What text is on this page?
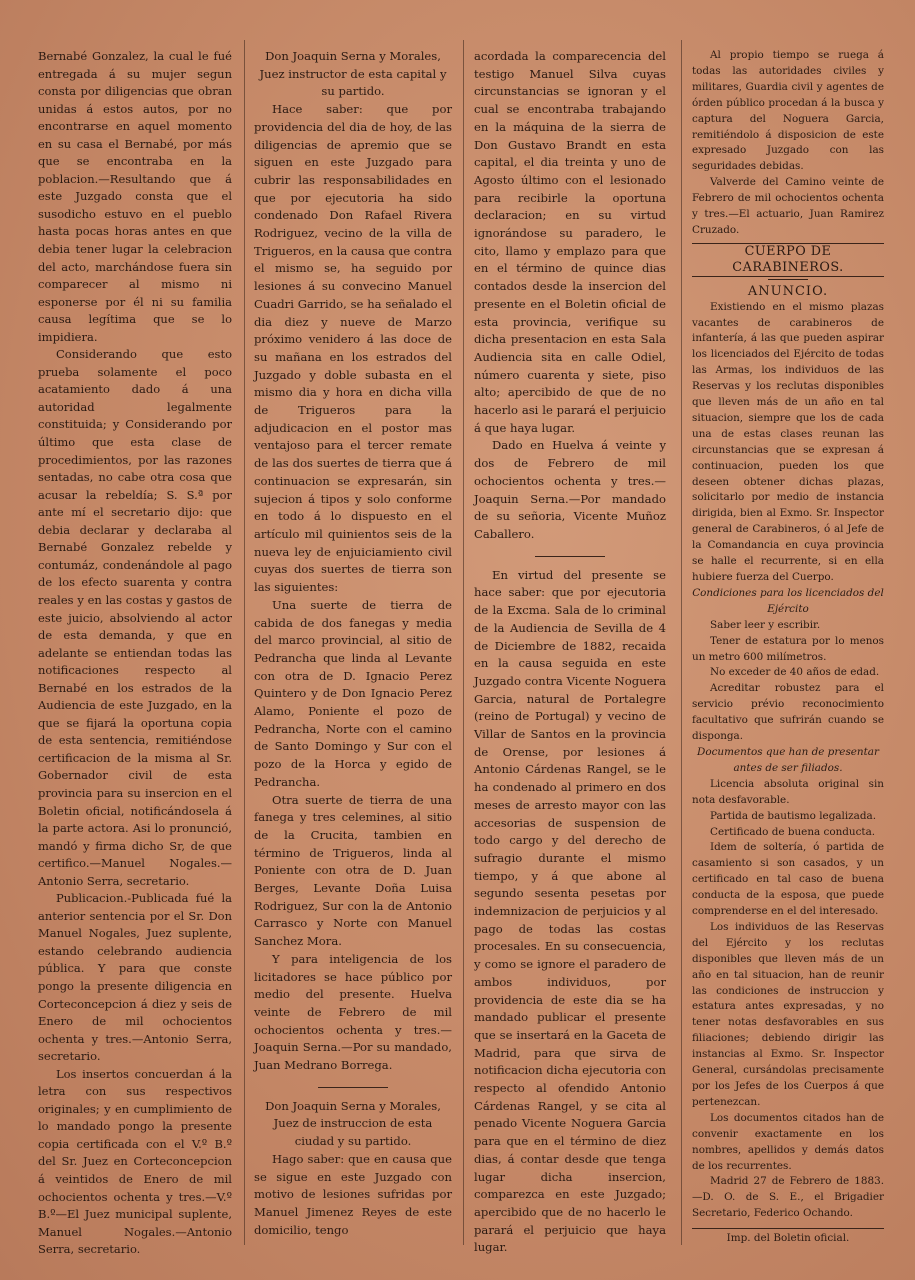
Bernabé Gonzalez, la cual le fué entregada á su mujer segun consta por diligencias que obran unidas á estos autos, por no encontrarse en aquel momento en su casa el Bernabé, por más que se encontraba en la poblacion.—Resultando que á este Juzgado consta que el susodicho estuvo en el pueblo hasta pocas horas antes en que debia tener lugar la celebracion del acto, marchándose fuera sin comparecer al mismo ni esponerse por él ni su familia causa legítima que se lo impidiera.

Considerando que esto prueba solamente el poco acatamiento dado á una autoridad legalmente constituida; y Considerando por último que esta clase de procedimientos, por las razones sentadas, no cabe otra cosa que acusar la rebeldía; S. S.ª por ante mí el secretario dijo: que debia declarar y declaraba al Bernabé Gonzalez rebelde y contumáz, condenándole al pago de los efecto suarenta y contra reales y en las costas y gastos de este juicio, absolviendo al actor de esta demanda, y que en adelante se entiendan todas las notificaciones respecto al Bernabé en los estrados de la Audiencia de este Juzgado, en la que se fijará la oportuna copia de esta sentencia, remitiéndose certificacion de la misma al Sr. Gobernador civil de esta provincia para su insercion en el Boletin oficial, notificándosela á la parte actora. Asi lo pronunció, mandó y firma dicho Sr, de que certifico.—Manuel Nogales.—Antonio Serra, secretario.

Publicacion.-Publicada fué la anterior sentencia por el Sr. Don Manuel Nogales, Juez suplente, estando celebrando audiencia pública. Y para que conste pongo la presente diligencia en Corteconcepcion á diez y seis de Enero de mil ochocientos ochenta y tres.—Antonio Serra, secretario.

Los insertos concuerdan á la letra con sus respectivos originales; y en cumplimiento de lo mandado pongo la presente copia certificada con el V.º B.º del Sr. Juez en Corteconcepcion á veintidos de Enero de mil ochocientos ochenta y tres.—V.º B.º—El Juez municipal suplente, Manuel Nogales.—Antonio Serra, secretario.

Don Joaquin Serna y Morales, Juez instructor de esta capital y su partido.

Hace saber: que por providencia del dia de hoy, de las diligencias de apremio que se siguen en este Juzgado para cubrir las responsabilidades en que por ejecutoria ha sido condenado Don Rafael Rivera Rodriguez, vecino de la villa de Trigueros, en la causa que contra el mismo se, ha seguido por lesiones á su convecino Manuel Cuadri Garrido, se ha señalado el dia diez y nueve de Marzo próximo venidero á las doce de su mañana en los estrados del Juzgado y doble subasta en el mismo dia y hora en dicha villa de Trigueros para la adjudicacion en el postor mas ventajoso para el tercer remate de las dos suertes de tierra que á continuacion se expresarán, sin sujecion á tipos y solo conforme en todo á lo dispuesto en el artículo mil quinientos seis de la nueva ley de enjuiciamiento civil cuyas dos suertes de tierra son las siguientes:

Una suerte de tierra de cabida de dos fanegas y media del marco provincial, al sitio de Pedrancha que linda al Levante con otra de D. Ignacio Perez Quintero y de Don Ignacio Perez Alamo, Poniente el pozo de Pedrancha, Norte con el camino de Santo Domingo y Sur con el pozo de la Horca y egido de Pedrancha.

Otra suerte de tierra de una fanega y tres celemines, al sitio de la Crucita, tambien en término de Trigueros, linda al Poniente con otra de D. Juan Berges, Levante Doña Luisa Rodriguez, Sur con la de Antonio Carrasco y Norte con Manuel Sanchez Mora.

Y para inteligencia de los licitadores se hace público por medio del presente. Huelva veinte de Febrero de mil ochocientos ochenta y tres.—Joaquin Serna.—Por su mandado, Juan Medrano Borrega.

Don Joaquin Serna y Morales, Juez de instruccion de esta ciudad y su partido.

Hago saber: que en causa que se sigue en este Juzgado con motivo de lesiones sufridas por Manuel Jimenez Reyes de este domicilio, tengo

acordada la comparecencia del testigo Manuel Silva cuyas circunstancias se ignoran y el cual se encontraba trabajando en la máquina de la sierra de Don Gustavo Brandt en esta capital, el dia treinta y uno de Agosto último con el lesionado para recibirle la oportuna declaracion; en su virtud ignorándose su paradero, le cito, llamo y emplazo para que en el término de quince dias contados desde la insercion del presente en el Boletin oficial de esta provincia, verifique su dicha presentacion en esta Sala Audiencia sita en calle Odiel, número cuarenta y siete, piso alto; apercibido de que de no hacerlo asi le parará el perjuicio á que haya lugar.

Dado en Huelva á veinte y dos de Febrero de mil ochocientos ochenta y tres.—Joaquin Serna.—Por mandado de su señoria, Vicente Muñoz Caballero.

En virtud del presente se hace saber: que por ejecutoria de la Excma. Sala de lo criminal de la Audiencia de Sevilla de 4 de Diciembre de 1882, recaida en la causa seguida en este Juzgado contra Vicente Noguera Garcia, natural de Portalegre (reino de Portugal) y vecino de Villar de Santos en la provincia de Orense, por lesiones á Antonio Cárdenas Rangel, se le ha condenado al primero en dos meses de arresto mayor con las accesorias de suspension de todo cargo y del derecho de sufragio durante el mismo tiempo, y á que abone al segundo sesenta pesetas por indemnizacion de perjuicios y al pago de todas las costas procesales. En su consecuencia, y como se ignore el paradero de ambos individuos, por providencia de este dia se ha mandado publicar el presente que se insertará en la Gaceta de Madrid, para que sirva de notificacion dicha ejecutoria con respecto al ofendido Antonio Cárdenas Rangel, y se cita al penado Vicente Noguera Garcia para que en el término de diez dias, á contar desde que tenga lugar dicha insercion, comparezca en este Juzgado; apercibido que de no hacerlo le parará el perjuicio que haya lugar.

Al propio tiempo se ruega á todas las autoridades civiles y militares, Guardia civil y agentes de órden público procedan á la busca y captura del Noguera Garcia, remitiéndolo á disposicion de este expresado Juzgado con las seguridades debidas.

Valverde del Camino veinte de Febrero de mil ochocientos ochenta y tres.—El actuario, Juan Ramirez Cruzado.

CUERPO DE CARABINEROS.

ANUNCIO.

Existiendo en el mismo plazas vacantes de carabineros de infantería, á las que pueden aspirar los licenciados del Ejército de todas las Armas, los individuos de las Reservas y los reclutas disponibles que lleven más de un año en tal situacion, siempre que los de cada una de estas clases reunan las circunstancias que se expresan á continuacion, pueden los que deseen obtener dichas plazas, solicitarlo por medio de instancia dirigida, bien al Exmo. Sr. Inspector general de Carabineros, ó al Jefe de la Comandancia en cuya provincia se halle el recurrente, si en ella hubiere fuerza del Cuerpo.

Condiciones para los licenciados del Ejército

Saber leer y escribir.

Tener de estatura por lo menos un metro 600 milímetros.

No exceder de 40 años de edad.

Acreditar robustez para el servicio prévio reconocimiento facultativo que sufrirán cuando se disponga.

Documentos que han de presentar antes de ser filiados.

Licencia absoluta original sin nota desfavorable.

Partida de bautismo legalizada.

Certificado de buena conducta.

Idem de soltería, ó partida de casamiento si son casados, y un certificado en tal caso de buena conducta de la esposa, que puede comprenderse en el del interesado.

Los individuos de las Reservas del Ejército y los reclutas disponibles que lleven más de un año en tal situacion, han de reunir las condiciones de instruccion y estatura antes expresadas, y no tener notas desfavorables en sus filiaciones; debiendo dirigir las instancias al Exmo. Sr. Inspector General, cursándolas precisamente por los Jefes de los Cuerpos á que pertenezcan.

Los documentos citados han de convenir exactamente en los nombres, apellidos y demás datos de los recurrentes.

Madrid 27 de Febrero de 1883.—D. O. de S. E., el Brigadier Secretario, Federico Ochando.

Imp. del Boletin oficial.
